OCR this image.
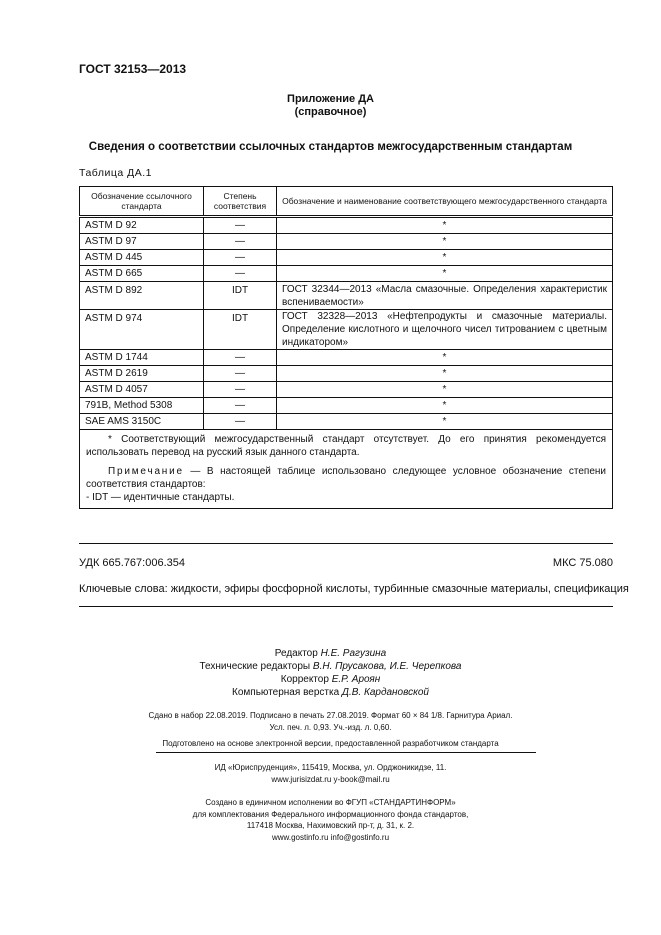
ГОСТ 32153—2013
Приложение ДА
(справочное)
Сведения о соответствии ссылочных стандартов межгосударственным стандартам
Таблица ДА.1
Обозначение ссылочного стандарта	Степень соответствия	Обозначение и наименование соответствующего межгосударственного стандарта
ASTM D 92	—	*
ASTM D 97	—	*
ASTM D 445	—	*
ASTM D 665	—	*
ASTM D 892	IDT	ГОСТ 32344—2013 «Масла смазочные. Определения характеристик вспениваемости»
ASTM D 974	IDT	ГОСТ 32328—2013 «Нефтепродукты и смазочные материалы. Определение кислотного и щелочного чисел титрованием с цветным индикатором»
ASTM D 1744	—	*
ASTM D 2619	—	*
ASTM D 4057	—	*
791B, Method 5308	—	*
SAE AMS 3150C	—	*

* Соответствующий межгосударственный стандарт отсутствует. До его принятия рекомендуется использовать перевод на русский язык данного стандарта.

Примечание — В настоящей таблице использовано следующее условное обозначение степени соответствия стандартов:

- IDT — идентичные стандарты.		

УДК 665.767:006.354	МКС 75.080
Ключевые слова: жидкости, эфиры фосфорной кислоты, турбинные смазочные материалы, спецификация
Редактор Н.Е. Рагузина
Технические редакторы В.Н. Прусакова, И.Е. Черепкова
Корректор Е.Р. Ароян
Компьютерная верстка Д.В. Кардановской
Сдано в набор 22.08.2019. Подписано в печать 27.08.2019. Формат 60 × 84 1/8. Гарнитура Ариал.
Усл. печ. л. 0,93. Уч.-изд. л. 0,60.
Подготовлено на основе электронной версии, предоставленной разработчиком стандарта
ИД «Юриспруденция», 115419, Москва, ул. Орджоникидзе, 11.
www.jurisizdat.ru y-book@mail.ru
Создано в единичном исполнении во ФГУП «СТАНДАРТИНФОРМ»
для комплектования Федерального информационного фонда стандартов,
117418 Москва, Нахимовский пр-т, д. 31, к. 2.
www.gostinfo.ru info@gostinfo.ru
